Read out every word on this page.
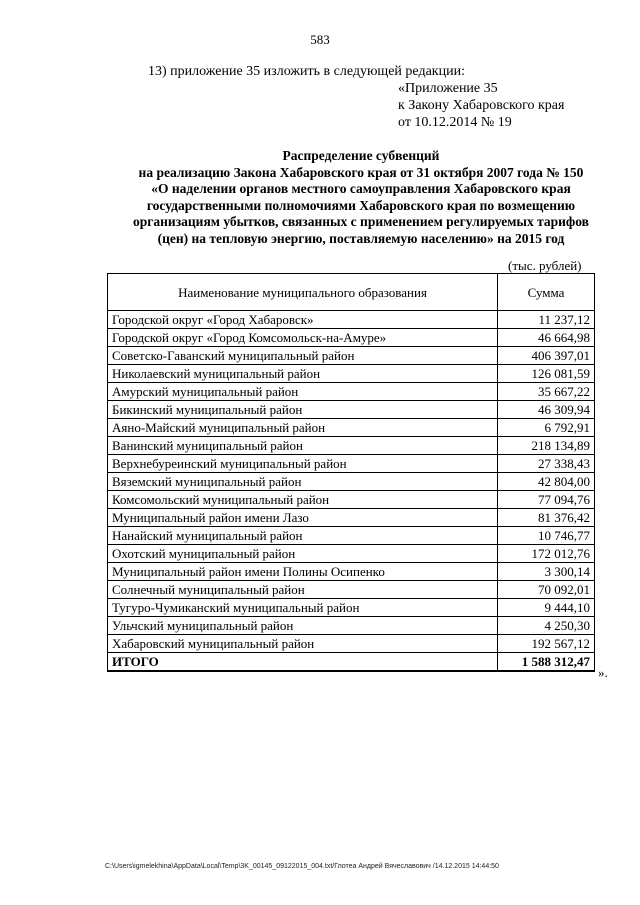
583
13) приложение 35 изложить в следующей редакции:
«Приложение 35
к Закону Хабаровского края
от 10.12.2014 № 19
Распределение субвенций
на реализацию Закона Хабаровского края от 31 октября 2007 года № 150
«О наделении органов местного самоуправления Хабаровского края
государственными полномочиями Хабаровского края по возмещению
организациям убытков, связанных с применением регулируемых тарифов
(цен) на тепловую энергию, поставляемую населению» на 2015 год
(тыс. рублей)
Наименование муниципального образования	Сумма
Городской округ «Город Хабаровск»	11 237,12
Городской округ «Город Комсомольск-на-Амуре»	46 664,98
Советско-Гаванский муниципальный район	406 397,01
Николаевский муниципальный район	126 081,59
Амурский муниципальный район	35 667,22
Бикинский муниципальный район	46 309,94
Аяно-Майский муниципальный район	6 792,91
Ванинский муниципальный район	218 134,89
Верхнебуреинский муниципальный район	27 338,43
Вяземский муниципальный район	42 804,00
Комсомольский муниципальный район	77 094,76
Муниципальный район имени Лазо	81 376,42
Нанайский муниципальный район	10 746,77
Охотский муниципальный район	172 012,76
Муниципальный район имени Полины Осипенко	3 300,14
Солнечный муниципальный район	70 092,01
Тугуро-Чумиканский муниципальный район	9 444,10
Ульчский муниципальный район	4 250,30
Хабаровский муниципальный район	192 567,12
ИТОГО	1 588 312,47
».
C:\Users\igmelekhina\AppData\Local\Temp\3K_00145_09122015_004.txt/Глотеа Андрей Вячеславович /14.12.2015 14:44:50
